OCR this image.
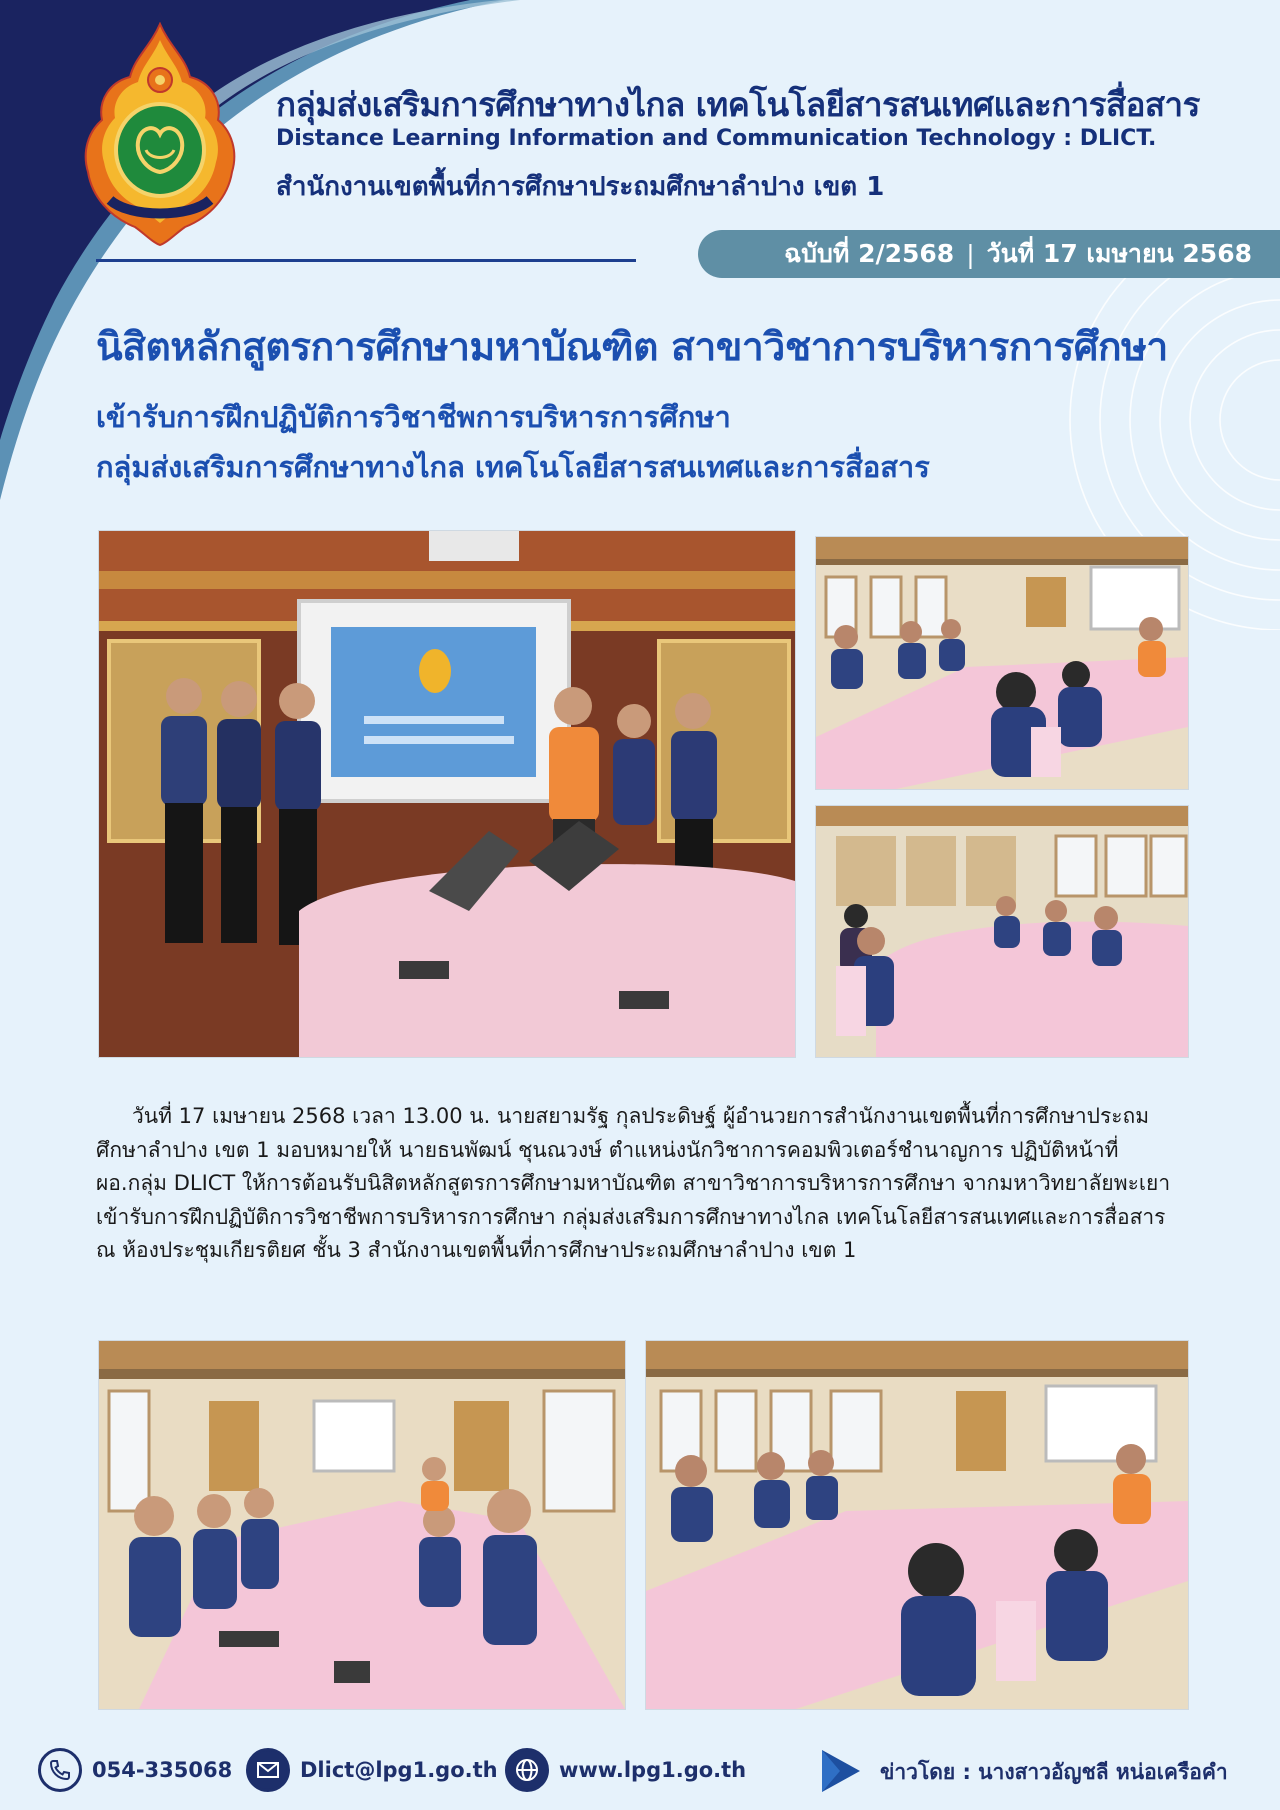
กลุ่มส่งเสริมการศึกษาทางไกล เทคโนโลยีสารสนเทศและการสื่อสาร
Distance Learning Information and Communication Technology : DLICT.
สำนักงานเขตพื้นที่การศึกษาประถมศึกษาลำปาง เขต 1
ฉบับที่ 2/2568 | วันที่ 17 เมษายน 2568
นิสิตหลักสูตรการศึกษามหาบัณฑิต สาขาวิชาการบริหารการศึกษา
เข้ารับการฝึกปฏิบัติการวิชาชีพการบริหารการศึกษา
กลุ่มส่งเสริมการศึกษาทางไกล เทคโนโลยีสารสนเทศและการสื่อสาร
วันที่ 17 เมษายน 2568 เวลา 13.00 น. นายสยามรัฐ กุลประดิษฐ์ ผู้อำนวยการสำนักงานเขตพื้นที่การศึกษาประถมศึกษาลำปาง เขต 1 มอบหมายให้ นายธนพัฒน์ ชุนณวงษ์ ตำแหน่งนักวิชาการคอมพิวเตอร์ชำนาญการ ปฏิบัติหน้าที่ ผอ.กลุ่ม DLICT ให้การต้อนรับนิสิตหลักสูตรการศึกษามหาบัณฑิต สาขาวิชาการบริหารการศึกษา จากมหาวิทยาลัยพะเยา เข้ารับการฝึกปฏิบัติการวิชาชีพการบริหารการศึกษา กลุ่มส่งเสริมการศึกษาทางไกล เทคโนโลยีสารสนเทศและการสื่อสาร ณ ห้องประชุมเกียรติยศ ชั้น 3 สำนักงานเขตพื้นที่การศึกษาประถมศึกษาลำปาง เขต 1
054-335068	Dlict@lpg1.go.th	www.lpg1.go.th	ข่าวโดย : นางสาวอัญชลี หน่อเครือคำ
